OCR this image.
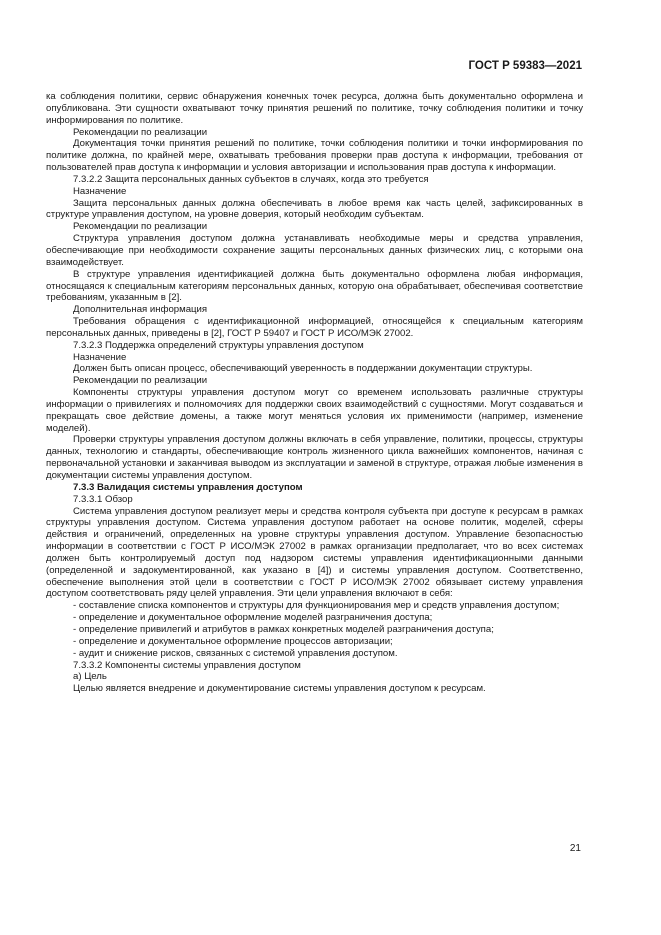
ГОСТ Р 59383—2021

ка соблюдения политики, сервис обнаружения конечных точек ресурса, должна быть документально оформлена и опубликована. Эти сущности охватывают точку принятия решений по политике, точку соблюдения политики и точку информирования по политике.

Рекомендации по реализации

Документация точки принятия решений по политике, точки соблюдения политики и точки информирования по политике должна, по крайней мере, охватывать требования проверки прав доступа к информации, требования от пользователей прав доступа к информации и условия авторизации и использования прав доступа к информации.

7.3.2.2 Защита персональных данных субъектов в случаях, когда это требуется

Назначение

Защита персональных данных должна обеспечивать в любое время как часть целей, зафиксированных в структуре управления доступом, на уровне доверия, который необходим субъектам.

Рекомендации по реализации

Структура управления доступом должна устанавливать необходимые меры и средства управления, обеспечивающие при необходимости сохранение защиты персональных данных физических лиц, с которыми она взаимодействует.

В структуре управления идентификацией должна быть документально оформлена любая информация, относящаяся к специальным категориям персональных данных, которую она обрабатывает, обеспечивая соответствие требованиям, указанным в [2].

Дополнительная информация

Требования обращения с идентификационной информацией, относящейся к специальным категориям персональных данных, приведены в [2], ГОСТ Р 59407 и ГОСТ Р ИСО/МЭК 27002.

7.3.2.3 Поддержка определений структуры управления доступом

Назначение

Должен быть описан процесс, обеспечивающий уверенность в поддержании документации структуры.

Рекомендации по реализации

Компоненты структуры управления доступом могут со временем использовать различные структуры информации о привилегиях и полномочиях для поддержки своих взаимодействий с сущностями. Могут создаваться и прекращать свое действие домены, а также могут меняться условия их применимости (например, изменение моделей).

Проверки структуры управления доступом должны включать в себя управление, политики, процессы, структуры данных, технологию и стандарты, обеспечивающие контроль жизненного цикла важнейших компонентов, начиная с первоначальной установки и заканчивая выводом из эксплуатации и заменой в структуре, отражая любые изменения в документации системы управления доступом.

7.3.3 Валидация системы управления доступом

7.3.3.1 Обзор

Система управления доступом реализует меры и средства контроля субъекта при доступе к ресурсам в рамках структуры управления доступом. Система управления доступом работает на основе политик, моделей, сферы действия и ограничений, определенных на уровне структуры управления доступом. Управление безопасностью информации в соответствии с ГОСТ Р ИСО/МЭК 27002 в рамках организации предполагает, что во всех системах должен быть контролируемый доступ под надзором системы управления идентификационными данными (определенной и задокументированной, как указано в [4]) и системы управления доступом. Соответственно, обеспечение выполнения этой цели в соответствии с ГОСТ Р ИСО/МЭК 27002 обязывает систему управления доступом соответствовать ряду целей управления. Эти цели управления включают в себя:

- составление списка компонентов и структуры для функционирования мер и средств управления доступом;

- определение и документальное оформление моделей разграничения доступа;

- определение привилегий и атрибутов в рамках конкретных моделей разграничения доступа;

- определение и документальное оформление процессов авторизации;

- аудит и снижение рисков, связанных с системой управления доступом.

7.3.3.2 Компоненты системы управления доступом

а) Цель

Целью является внедрение и документирование системы управления доступом к ресурсам.

21
